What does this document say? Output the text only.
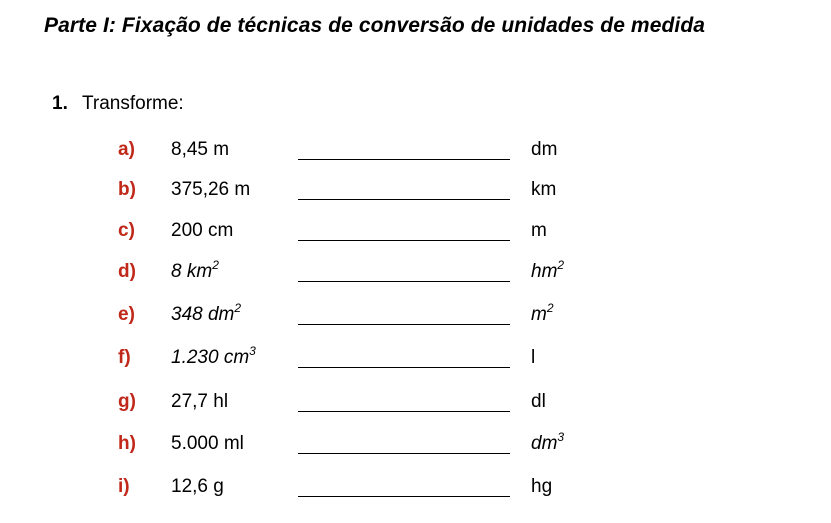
Parte I: Fixação de técnicas de conversão de unidades de medida
1. Transforme:
a) 8,45 m	dm
b) 375,26 m	km
c) 200 cm	m
d) 8 $km^2$	$hm^2$
e) 348 $dm^2$	$m^2$
f) 1.230 $cm^3$	l
g) 27,7 hl	dl
h) 5.000 ml	$dm^3$
i) 12,6 g	hg
